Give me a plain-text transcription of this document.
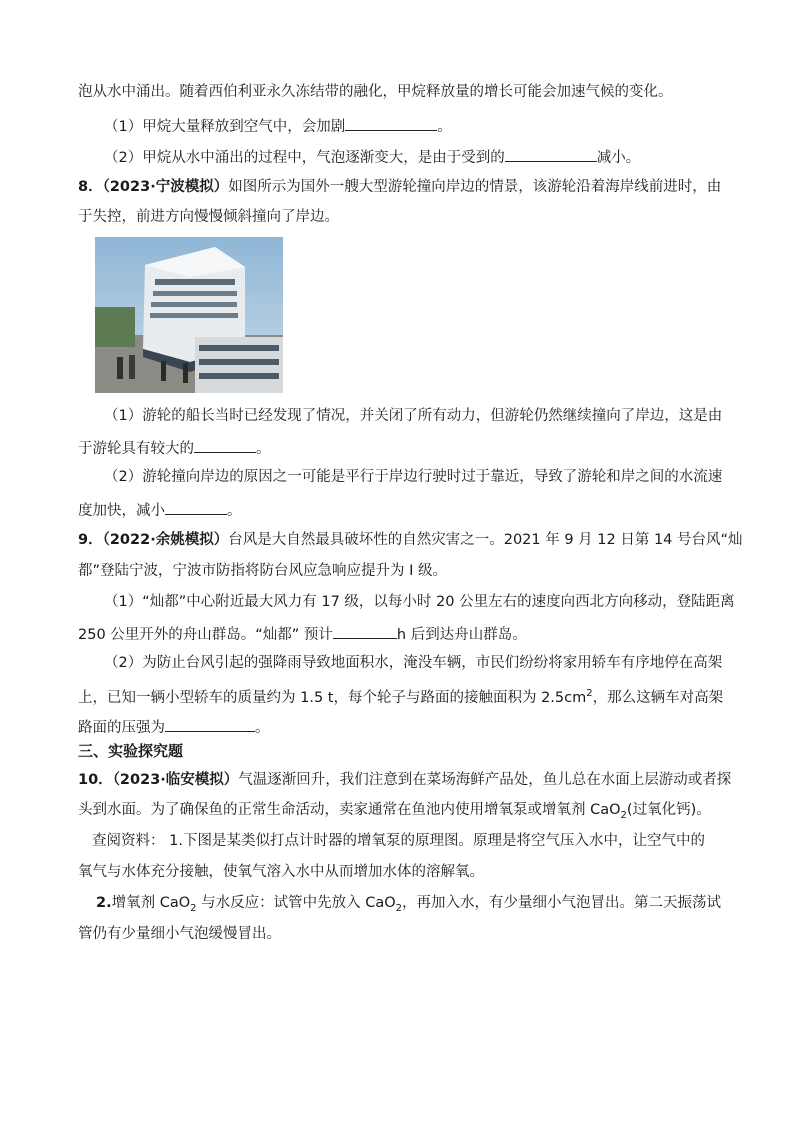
泡从水中涌出。随着西伯利亚永久冻结带的融化，甲烷释放量的增长可能会加速气候的变化。
（1）甲烷大量释放到空气中，会加剧	。
（2）甲烷从水中涌出的过程中，气泡逐渐变大，是由于受到的	减小。
8．（2023·宁波模拟）如图所示为国外一艘大型游轮撞向岸边的情景，该游轮沿着海岸线前进时，由
于失控，前进方向慢慢倾斜撞向了岸边。
（1）游轮的船长当时已经发现了情况，并关闭了所有动力，但游轮仍然继续撞向了岸边，这是由
于游轮具有较大的	。
（2）游轮撞向岸边的原因之一可能是平行于岸边行驶时过于靠近，导致了游轮和岸之间的水流速
度加快，减小	。
9．（2022·余姚模拟）台风是大自然最具破坏性的自然灾害之一。2021 年 9 月 12 日第 14 号台风“灿
都”登陆宁波，宁波市防指将防台风应急响应提升为 I 级。
（1）“灿都”中心附近最大风力有 17 级，以每小时 20 公里左右的速度向西北方向移动，登陆距离
250 公里开外的舟山群岛。“灿都” 预计	h 后到达舟山群岛。
（2）为防止台风引起的强降雨导致地面积水，淹没车辆，市民们纷纷将家用轿车有序地停在高架
上，已知一辆小型轿车的质量约为 1.5 t，每个轮子与路面的接触面积为 $2.5cm^2$，那么这辆车对高架
路面的压强为	。
三、实验探究题
10．（2023·临安模拟）气温逐渐回升，我们注意到在菜场海鲜产品处，鱼儿总在水面上层游动或者探
头到水面。为了确保鱼的正常生命活动，卖家通常在鱼池内使用增氧泵或增氧剂 CaO$_2$(过氧化钙)。
查阅资料： 1.下图是某类似打点计时器的增氧泵的原理图。原理是将空气压入水中，让空气中的
氧气与水体充分接触，使氧气溶入水中从而增加水体的溶解氧。
2.增氧剂 CaO$_2$ 与水反应：试管中先放入 CaO$_2$，再加入水，有少量细小气泡冒出。第二天振荡试
管仍有少量细小气泡缓慢冒出。
